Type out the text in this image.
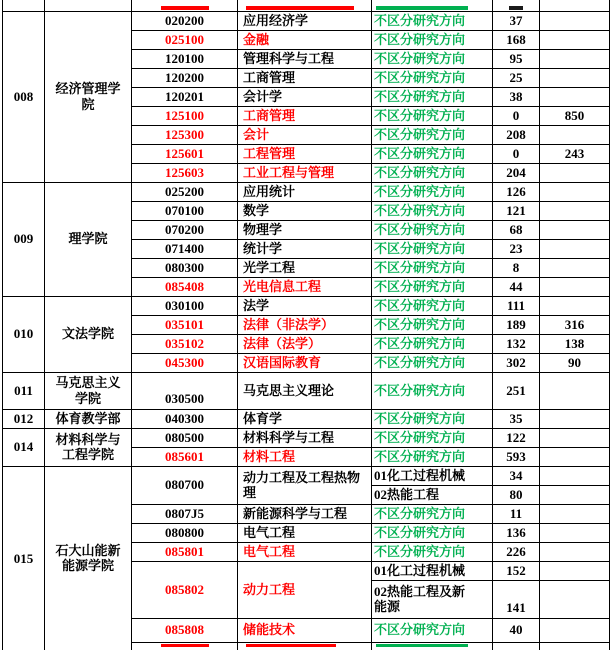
008	经济管理学院	020200	应用经济学	不区分研究方向	37	
		025100	金融	不区分研究方向	168	
		120100	管理科学与工程	不区分研究方向	95	
		120200	工商管理	不区分研究方向	25	
		120201	会计学	不区分研究方向	38	
		125100	工商管理	不区分研究方向	0	850
		125300	会计	不区分研究方向	208	
		125601	工程管理	不区分研究方向	0	243
		125603	工业工程与管理	不区分研究方向	204	
009	理学院	025200	应用统计	不区分研究方向	126	
		070100	数学	不区分研究方向	121	
		070200	物理学	不区分研究方向	68	
		071400	统计学	不区分研究方向	23	
		080300	光学工程	不区分研究方向	8	
		085408	光电信息工程	不区分研究方向	44	
010	文法学院	030100	法学	不区分研究方向	111	
		035101	法律（非法学）	不区分研究方向	189	316
		035102	法律（法学）	不区分研究方向	132	138
		045300	汉语国际教育	不区分研究方向	302	90
011	马克思主义学院	030500	马克思主义理论	不区分研究方向	251	
012	体育教学部	040300	体育学	不区分研究方向	35	
014	材料科学与工程学院	080500	材料科学与工程	不区分研究方向	122	
		085601	材料工程	不区分研究方向	593	
015	石大山能新能源学院	080700	动力工程及工程热物理	01化工过程机械	34	
				02热能工程	80	
		0807J5	新能源科学与工程	不区分研究方向	11	
		080800	电气工程	不区分研究方向	136	
		085801	电气工程	不区分研究方向	226	
		085802	动力工程	01化工过程机械	152	
				02热能工程及新能源	141	
		085808	储能技术	不区分研究方向	40	
